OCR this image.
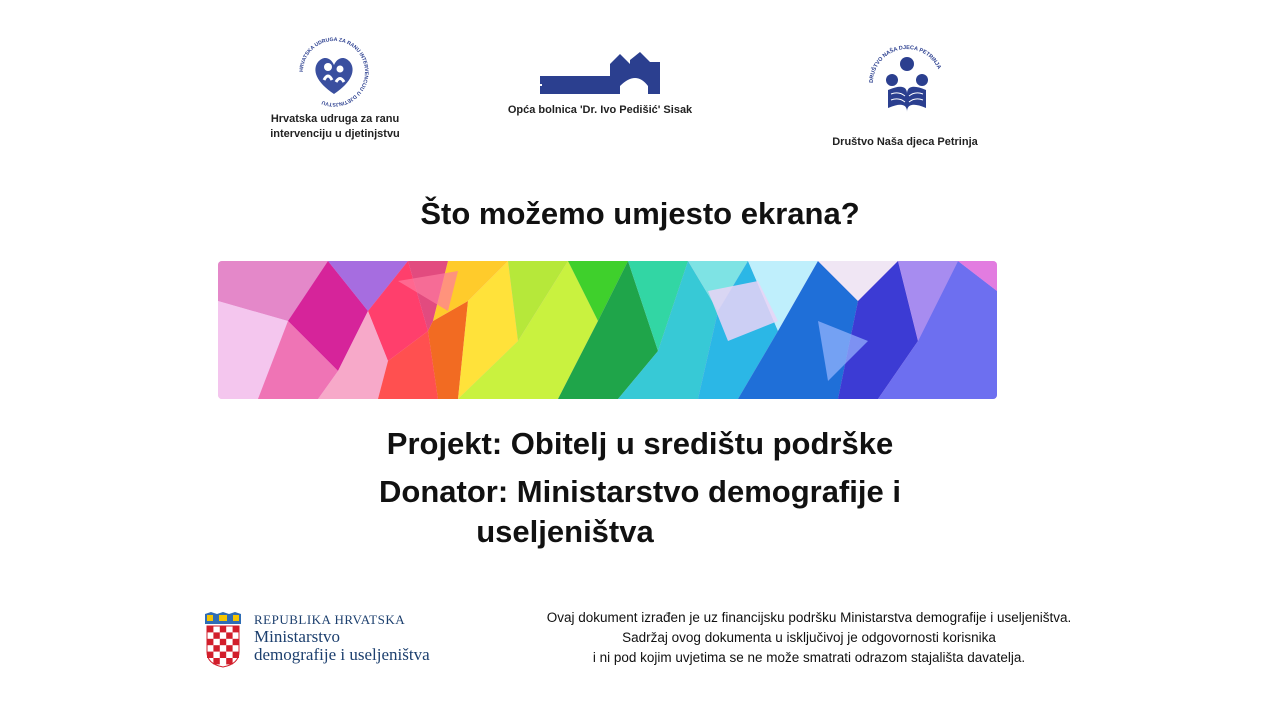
HRVATSKA UDRUGA ZA RANU INTERVENCIJU U DJETINJSTVU
Hrvatska udruga za ranu
intervenciju u djetinjstvu
Opća bolnica 'Dr. Ivo Pedišić' Sisak
DRUŠTVO NAŠA DJECA PETRINJA
Društvo Naša djeca Petrinja
Što možemo umjesto ekrana?
Projekt: Obitelj u središtu podrške
Donator: Ministarstvo demografije i
useljeništva
REPUBLIKA HRVATSKA
Ministarstvo
demografije i useljeništva
Ovaj dokument izrađen je uz financijsku podršku Ministarstva demografije i useljeništva.
Sadržaj ovog dokumenta u isključivoj je odgovornosti korisnika
i ni pod kojim uvjetima se ne može smatrati odrazom stajališta davatelja.
